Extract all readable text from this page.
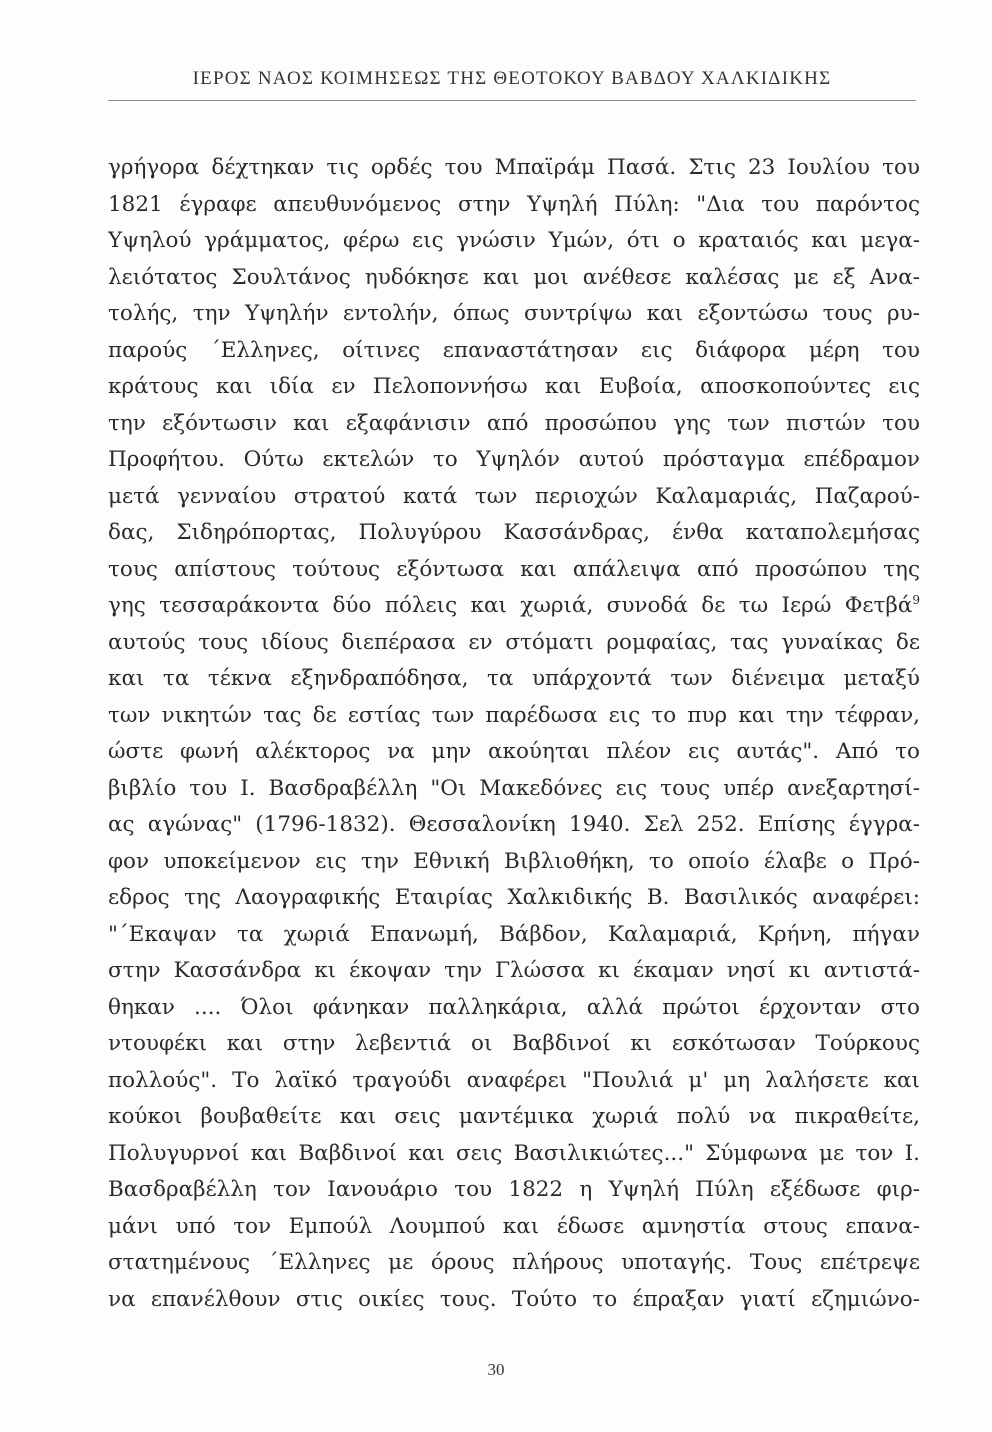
ΙΕΡΟΣ ΝΑΟΣ ΚΟΙΜΗΣΕΩΣ ΤΗΣ ΘΕΟΤΟΚΟΥ ΒΑΒΔΟΥ ΧΑΛΚΙΔΙΚΗΣ
γρήγορα δέχτηκαν τις ορδές του Μπαϊράμ Πασά. Στις 23 Ιουλίου του
1821 έγραφε απευθυνόμενος στην Υψηλή Πύλη: "Δια του παρόντος
Υψηλού γράμματος, φέρω εις γνώσιν Υμών, ότι ο κραταιός και μεγα-
λειότατος Σουλτάνος ηυδόκησε και μοι ανέθεσε καλέσας με εξ Ανα-
τολής, την Υψηλήν εντολήν, όπως συντρίψω και εξοντώσω τους ρυ-
παρούς ΄Ελληνες, οίτινες επαναστάτησαν εις διάφορα μέρη του
κράτους και ιδία εν Πελοποννήσω και Ευβοία, αποσκοπούντες εις
την εξόντωσιν και εξαφάνισιν από προσώπου γης των πιστών του
Προφήτου. Ούτω εκτελών το Υψηλόν αυτού πρόσταγμα επέδραμον
μετά γενναίου στρατού κατά των περιοχών Καλαμαριάς, Παζαρού-
δας, Σιδηρόπορτας, Πολυγύρου Κασσάνδρας, ένθα καταπολεμήσας
τους απίστους τούτους εξόντωσα και απάλειψα από προσώπου της
γης τεσσαράκοντα δύο πόλεις και χωριά, συνοδά δε τω Ιερώ Φετβά$^9$
αυτούς τους ιδίους διεπέρασα εν στόματι ρομφαίας, τας γυναίκας δε
και τα τέκνα εξηνδραπόδησα, τα υπάρχοντά των διένειμα μεταξύ
των νικητών τας δε εστίας των παρέδωσα εις το πυρ και την τέφραν,
ώστε φωνή αλέκτορος να μην ακούηται πλέον εις αυτάς". Από το
βιβλίο του Ι. Βασδραβέλλη "Οι Μακεδόνες εις τους υπέρ ανεξαρτησί-
ας αγώνας" (1796-1832). Θεσσαλονίκη 1940. Σελ 252. Επίσης έγγρα-
φον υποκείμενον εις την Εθνική Βιβλιοθήκη, το οποίο έλαβε ο Πρό-
εδρος της Λαογραφικής Εταιρίας Χαλκιδικής Β. Βασιλικός αναφέρει:
"΄Εκαψαν τα χωριά Επανωμή, Βάβδον, Καλαμαριά, Κρήνη, πήγαν
στην Κασσάνδρα κι έκοψαν την Γλώσσα κι έκαμαν νησί κι αντιστά-
θηκαν .... Όλοι φάνηκαν παλληκάρια, αλλά πρώτοι έρχονταν στο
ντουφέκι και στην λεβεντιά οι Βαβδινοί κι εσκότωσαν Τούρκους
πολλούς". Το λαϊκό τραγούδι αναφέρει "Πουλιά μ' μη λαλήσετε και
κούκοι βουβαθείτε και σεις μαντέμικα χωριά πολύ να πικραθείτε,
Πολυγυρνοί και Βαβδινοί και σεις Βασιλικιώτες..." Σύμφωνα με τον Ι.
Βασδραβέλλη τον Ιανουάριο του 1822 η Υψηλή Πύλη εξέδωσε φιρ-
μάνι υπό τον Εμπούλ Λουμπού και έδωσε αμνηστία στους επανα-
στατημένους ΄Ελληνες με όρους πλήρους υποταγής. Τους επέτρεψε
να επανέλθουν στις οικίες τους. Τούτο το έπραξαν γιατί εζημιώνο-
30
